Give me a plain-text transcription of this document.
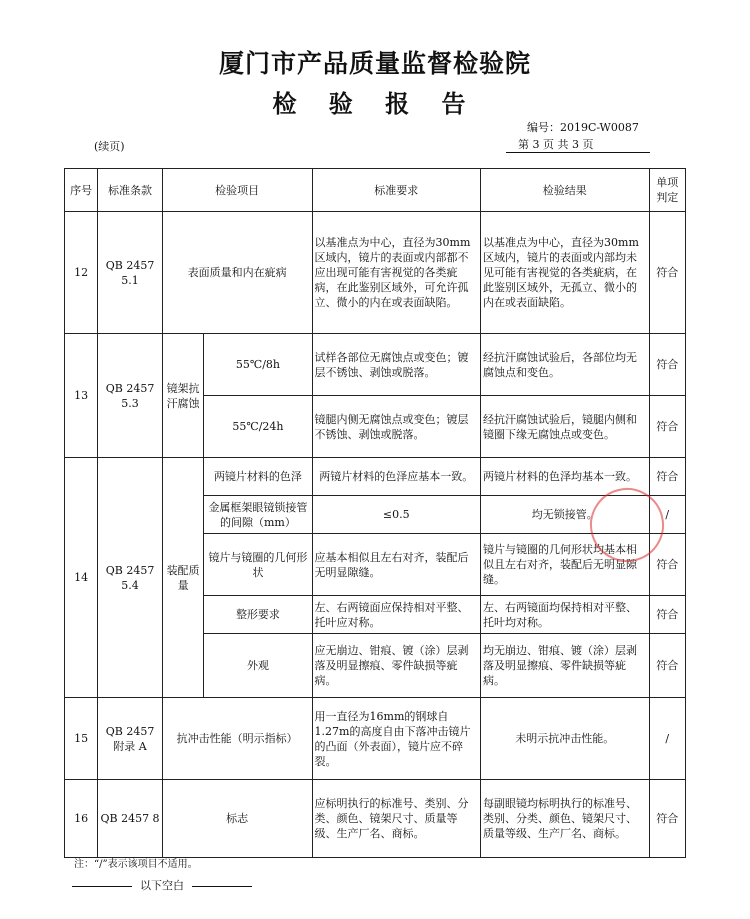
厦门市产品质量监督检验院
检 验 报 告
编号：2019C-W0087
(续页)	第 3 页 共 3 页
序号	标准条款	检验项目		标准要求	检验结果	单项判定
12	QB 2457 5.1	表面质量和内在疵病		以基准点为中心，直径为30mm区域内，镜片的表面或内部都不应出现可能有害视觉的各类疵病，在此鉴别区域外，可允许孤立、微小的内在或表面缺陷。	以基准点为中心，直径为30mm区域内，镜片的表面或内部均未见可能有害视觉的各类疵病，在此鉴别区域外，无孤立、微小的内在或表面缺陷。	符合
13	QB 2457 5.3	镜架抗汗腐蚀	55℃/8h	试样各部位无腐蚀点或变色；镀层不锈蚀、剥蚀或脱落。	经抗汗腐蚀试验后，各部位均无腐蚀点和变色。	符合
			55℃/24h	镜腿内侧无腐蚀点或变色；镀层不锈蚀、剥蚀或脱落。	经抗汗腐蚀试验后，镜腿内侧和镜圈下缘无腐蚀点或变色。	符合
14	QB 2457 5.4	装配质量	两镜片材料的色泽	两镜片材料的色泽应基本一致。	两镜片材料的色泽均基本一致。	符合
			金属框架眼镜锁接管的间隙（mm）	≤0.5	均无锁接管。	/
			镜片与镜圈的几何形状	应基本相似且左右对齐，装配后无明显隙缝。	镜片与镜圈的几何形状均基本相似且左右对齐，装配后无明显隙缝。	符合
			整形要求	左、右两镜面应保持相对平整、托叶应对称。	左、右两镜面均保持相对平整、托叶均对称。	符合
			外观	应无崩边、钳痕、镀（涂）层剥落及明显擦痕、零件缺损等疵病。	均无崩边、钳痕、镀（涂）层剥落及明显擦痕、零件缺损等疵病。	符合
15	QB 2457 附录 A	抗冲击性能（明示指标）		用一直径为16mm的钢球自1.27m的高度自由下落冲击镜片的凸面（外表面），镜片应不碎裂。	未明示抗冲击性能。	/
16	QB 2457 8	标志		应标明执行的标准号、类别、分类、颜色、镜架尺寸、质量等级、生产厂名、商标。	每副眼镜均标明执行的标准号、类别、分类、颜色、镜架尺寸、质量等级、生产厂名、商标。	符合
注：“/”表示该项目不适用。
以下空白
